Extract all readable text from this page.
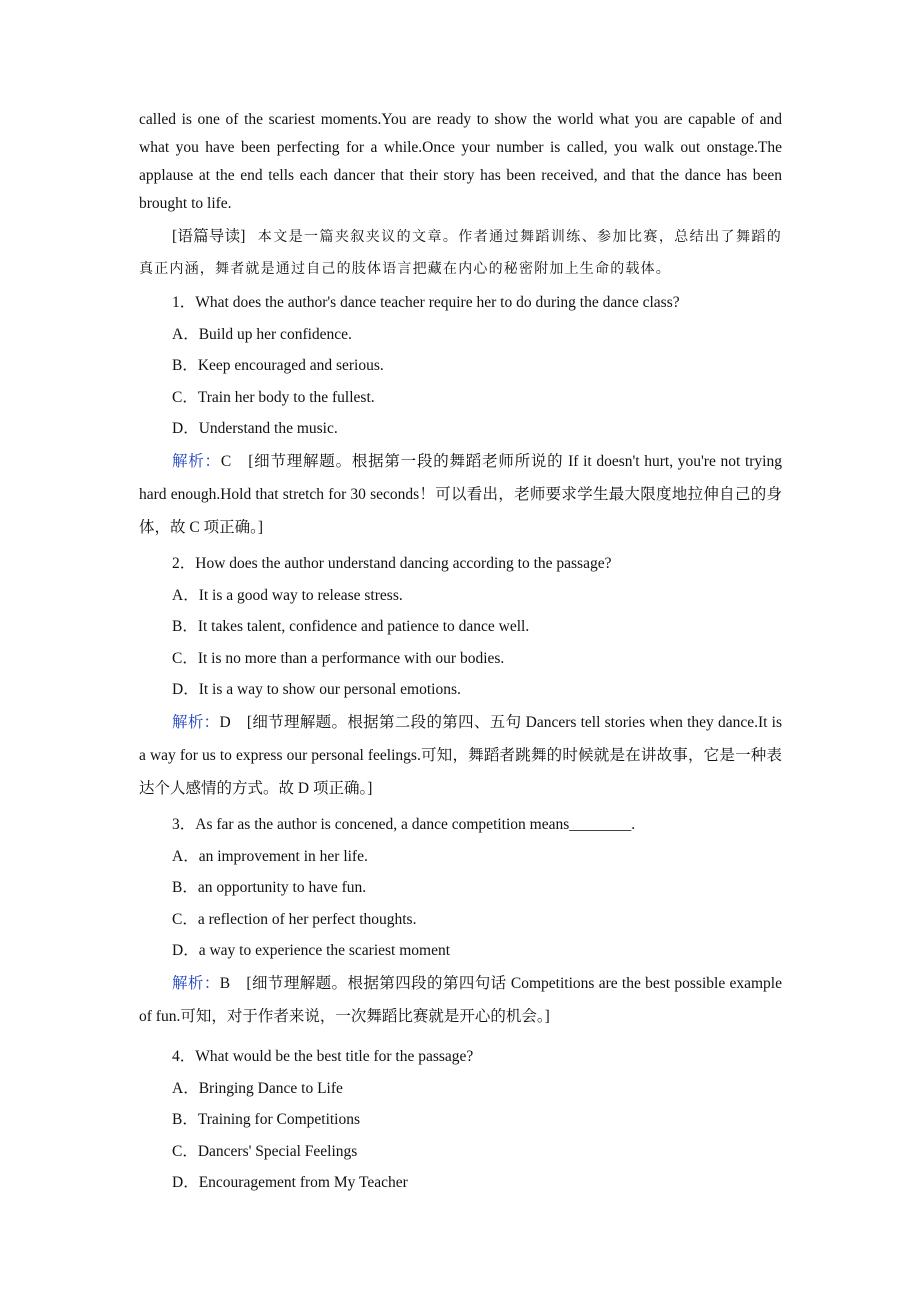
called is one of the scariest moments.You are ready to show the world what you are capable of and what you have been perfecting for a while.Once your number is called, you walk out onstage.The applause at the end tells each dancer that their story has been received, and that the dance has been brought to life.

[语篇导读] 本文是一篇夹叙夹议的文章。作者通过舞蹈训练、参加比赛，总结出了舞蹈的真正内涵，舞者就是通过自己的肢体语言把藏在内心的秘密附加上生命的载体。

1．What does the author's dance teacher require her to do during the dance class?

A．Build up her confidence.

B．Keep encouraged and serious.

C．Train her body to the fullest.

D．Understand the music.

解析：C　[细节理解题。根据第一段的舞蹈老师所说的 If it doesn't hurt, you're not trying hard enough.Hold that stretch for 30 seconds！可以看出，老师要求学生最大限度地拉伸自己的身体，故 C 项正确。]

2．How does the author understand dancing according to the passage?

A．It is a good way to release stress.

B．It takes talent, confidence and patience to dance well.

C．It is no more than a performance with our bodies.

D．It is a way to show our personal emotions.

解析：D　[细节理解题。根据第二段的第四、五句 Dancers tell stories when they dance.It is a way for us to express our personal feelings.可知，舞蹈者跳舞的时候就是在讲故事，它是一种表达个人感情的方式。故 D 项正确。]

3．As far as the author is concened, a dance competition means________.

A．an improvement in her life.

B．an opportunity to have fun.

C．a reflection of her perfect thoughts.

D．a way to experience the scariest moment

解析：B　[细节理解题。根据第四段的第四句话 Competitions are the best possible example of fun.可知，对于作者来说，一次舞蹈比赛就是开心的机会。]

4．What would be the best title for the passage?

A．Bringing Dance to Life

B．Training for Competitions

C．Dancers' Special Feelings

D．Encouragement from My Teacher
